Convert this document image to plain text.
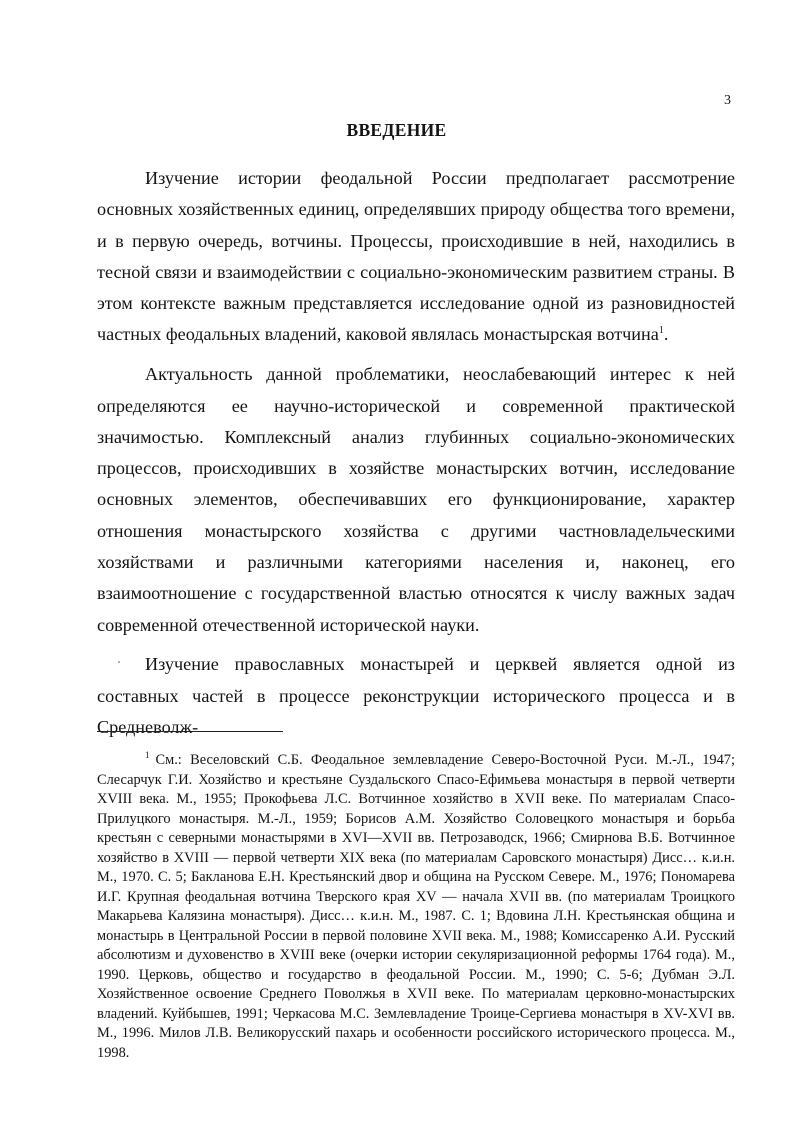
3
ВВЕДЕНИЕ

Изучение истории феодальной России предполагает рассмотрение основных хозяйственных единиц, определявших природу общества того времени, и в первую очередь, вотчины. Процессы, происходившие в ней, находились в тесной связи и взаимодействии с социально-экономическим развитием страны. В этом контексте важным представляется исследование одной из разновидностей частных феодальных владений, каковой являлась монастырская вотчина$^1$.

Актуальность данной проблематики, неослабевающий интерес к ней определяются ее научно-исторической и современной практической значимостью. Комплексный анализ глубинных социально-экономических процессов, происходивших в хозяйстве монастырских вотчин, исследование основных элементов, обеспечивавших его функционирование, характер отношения монастырского хозяйства с другими частновладельческими хозяйствами и различными категориями населения и, наконец, его взаимоотношение с государственной властью относятся к числу важных задач современной отечественной исторической науки.

Изучение православных монастырей и церквей является одной из составных частей в процессе реконструкции исторического процесса и в Средневолж-

$^1$ См.: Веселовский С.Б. Феодальное землевладение Северо-Восточной Руси. М.-Л., 1947; Слесарчук Г.И. Хозяйство и крестьяне Суздальского Спасо-Ефимьева монастыря в первой четверти XVIII века. М., 1955; Прокофьева Л.С. Вотчинное хозяйство в XVII веке. По материалам Спасо-Прилуцкого монастыря. М.-Л., 1959; Борисов А.М. Хозяйство Соловецкого монастыря и борьба крестьян с северными монастырями в XVI—XVII вв. Петрозаводск, 1966; Смирнова В.Б. Вотчинное хозяйство в XVIII — первой четверти XIX века (по материалам Саровского монастыря) Дисс… к.и.н. М., 1970. С. 5; Бакланова Е.Н. Крестьянский двор и община на Русском Севере. М., 1976; Пономарева И.Г. Крупная феодальная вотчина Тверского края XV — начала XVII вв. (по материалам Троицкого Макарьева Калязина монастыря). Дисс… к.и.н. М., 1987. С. 1; Вдовина Л.Н. Крестьянская община и монастырь в Центральной России в первой половине XVII века. М., 1988; Комиссаренко А.И. Русский абсолютизм и духовенство в XVIII веке (очерки истории секуляризационной реформы 1764 года). М., 1990. Церковь, общество и государство в феодальной России. М., 1990; С. 5-6; Дубман Э.Л. Хозяйственное освоение Среднего Поволжья в XVII веке. По материалам церковно-монастырских владений. Куйбышев, 1991; Черкасова М.С. Землевладение Троице-Сергиева монастыря в XV-XVI вв. М., 1996. Милов Л.В. Великорусский пахарь и особенности российского исторического процесса. М., 1998.
